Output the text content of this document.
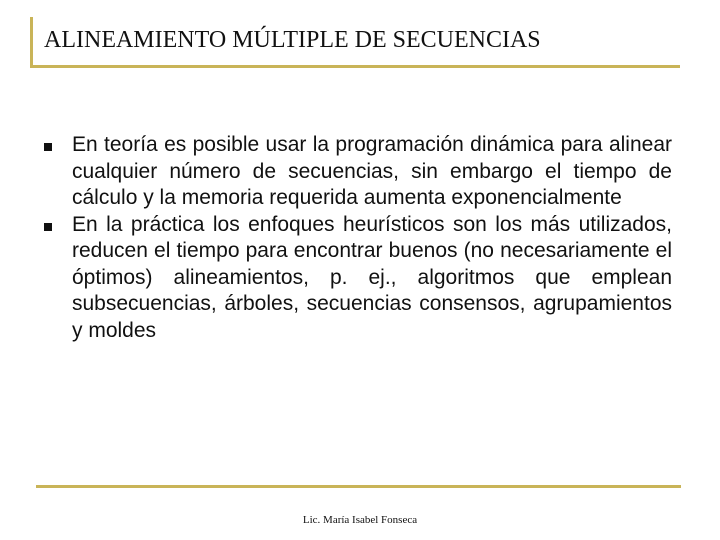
ALINEAMIENTO MÚLTIPLE DE SECUENCIAS
En teoría es posible usar la programación dinámica para alinear cualquier número de secuencias, sin embargo el tiempo de cálculo y la memoria requerida aumenta exponencialmente
En la práctica los enfoques heurísticos son los más utilizados, reducen el tiempo para encontrar buenos (no necesariamente el óptimos) alineamientos, p. ej., algoritmos que emplean subsecuencias, árboles, secuencias consensos, agrupamientos y moldes
Lic. María Isabel Fonseca
